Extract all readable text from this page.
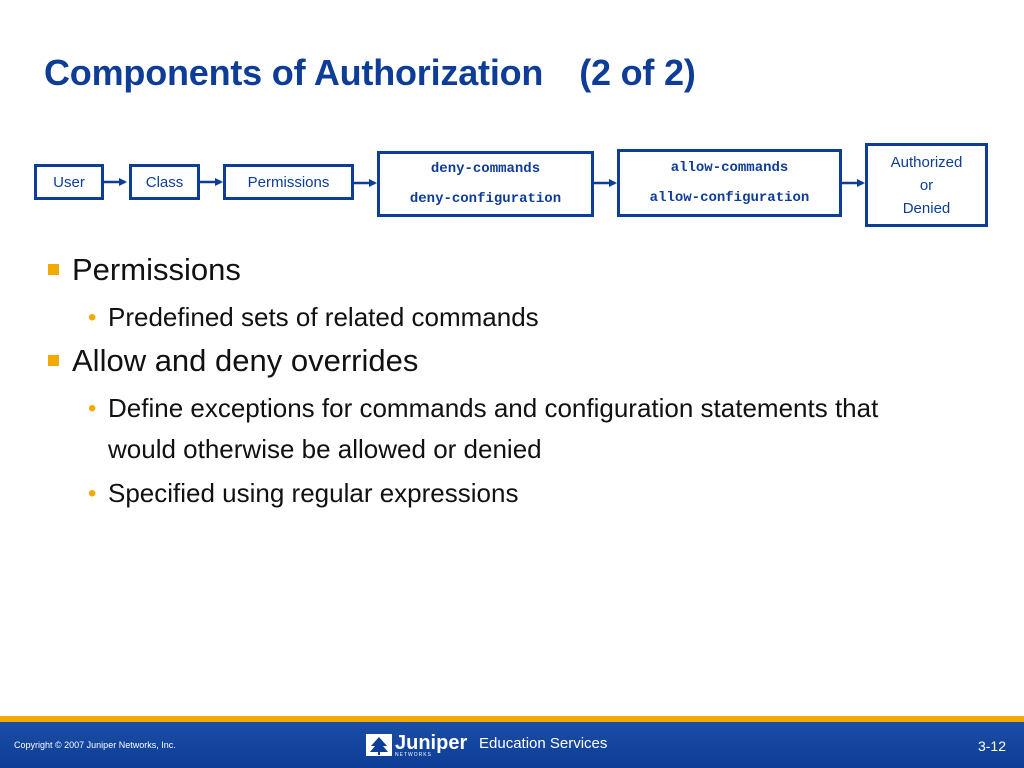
Components of Authorization (2 of 2)
User	Class	Permissions
deny-commands
deny-configuration
allow-commands
allow-configuration
Authorized
or
Denied
Permissions
• Predefined sets of related commands
Allow and deny overrides
• Define exceptions for commands and configuration statements that would otherwise be allowed or denied
• Specified using regular expressions
Copyright © 2007 Juniper Networks, Inc.	Juniper
NETWORKS
Education Services	3-12
